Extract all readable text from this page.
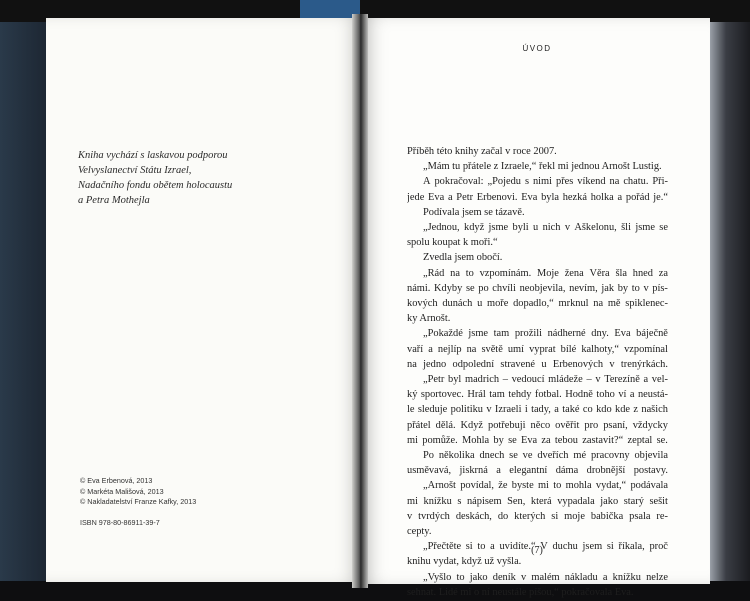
Kniha vychází s laskavou podporou
Velvyslanectví Státu Izrael,
Nadačního fondu obětem holocaustu
a Petra Mothejla
© Eva Erbenová, 2013
© Markéta Mališová, 2013
© Nakladatelství Franze Kafky, 2013
ISBN 978-80-86911-39-7
ÚVOD
Příběh této knihy začal v roce 2007.
„Mám tu přátele z Izraele,“ řekl mi jednou Arnošt Lustig.
A pokračoval: „Pojedu s nimi přes víkend na chatu. Při-
jede Eva a Petr Erbenovi. Eva byla hezká holka a pořád je.“
Podívala jsem se tázavě.
„Jednou, když jsme byli u nich v Aškelonu, šli jsme se
spolu koupat k moři.“
Zvedla jsem obočí.
„Rád na to vzpomínám. Moje žena Věra šla hned za
námi. Kdyby se po chvíli neobjevila, nevím, jak by to v pís-
kových dunách u moře dopadlo,“ mrknul na mě spiklenec-
ky Arnošt.
„Pokaždé jsme tam prožili nádherné dny. Eva báječně
vaří a nejlíp na světě umí vyprat bílé kalhoty,“ vzpomínal
na jedno odpolední stravené u Erbenových v trenýrkách.
„Petr byl madrich – vedoucí mládeže – v Terezíně a vel-
ký sportovec. Hrál tam tehdy fotbal. Hodně toho ví a neustá-
le sleduje politiku v Izraeli i tady, a také co kdo kde z našich
přátel dělá. Když potřebuji něco ověřit pro psaní, vždycky
mi pomůže. Mohla by se Eva za tebou zastavit?“ zeptal se.
Po několika dnech se ve dveřích mé pracovny objevila
usměvavá, jiskrná a elegantní dáma drobnější postavy.
„Arnošt povídal, že byste mi to mohla vydat,“ podávala
mi knížku s nápisem Sen, která vypadala jako starý sešit
v tvrdých deskách, do kterých si moje babička psala re-
cepty.
„Přečtěte si to a uvidíte.“ V duchu jsem si říkala, proč
knihu vydat, když už vyšla.
„Vyšlo to jako deník v malém nákladu a knížku nelze
sehnat. Lidé mi o ní neustále píšou,“ pokračovala Eva.
(7)
